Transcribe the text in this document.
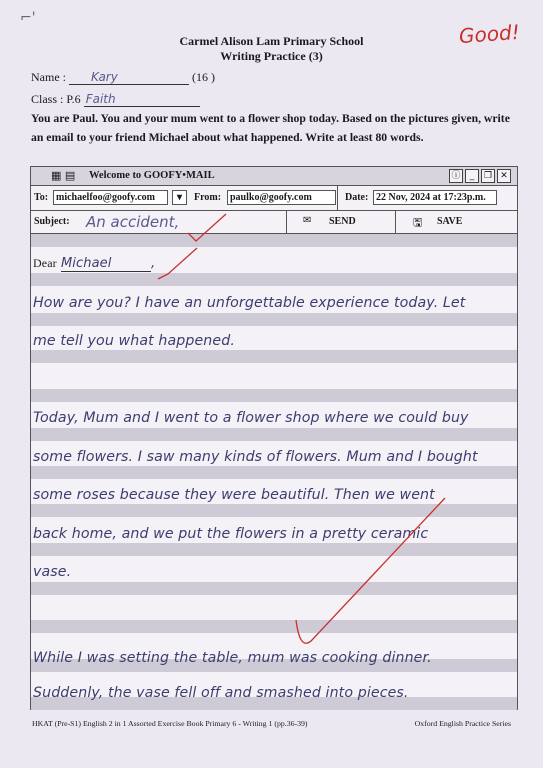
⌐'
Carmel Alison Lam Primary School
Writing Practice (3)
Good!
Name : Kary	(16 )
Class : P.6 Faith
You are Paul. You and your mum went to a flower shop today. Based on the pictures given, write an email to your friend Michael about what happened. Write at least 80 words.
▦ ▤ Welcome to GOOFY•MAIL	ⓘ	_	❐ ✕
To: michaelfoo@goofy.com	▾	From: paulko@goofy.com	Date: 22 Nov, 2024 at 17:23p.m.
Subject: An accident,	✉ SEND	🖫 SAVE
Dear Michael	,
How are you? I have an unforgettable experience today. Let
me tell you what happened.
Today, Mum and I went to a flower shop where we could buy
some flowers. I saw many kinds of flowers. Mum and I bought
some roses because they were beautiful. Then we went
back home, and we put the flowers in a pretty ceramic
vase.
While I was setting the table, mum was cooking dinner.
Suddenly, the vase fell off and smashed into pieces.
HKAT (Pre-S1) English 2 in 1 Assorted Exercise Book Primary 6 - Writing 1 (pp.36-39)	Oxford English Practice Series
